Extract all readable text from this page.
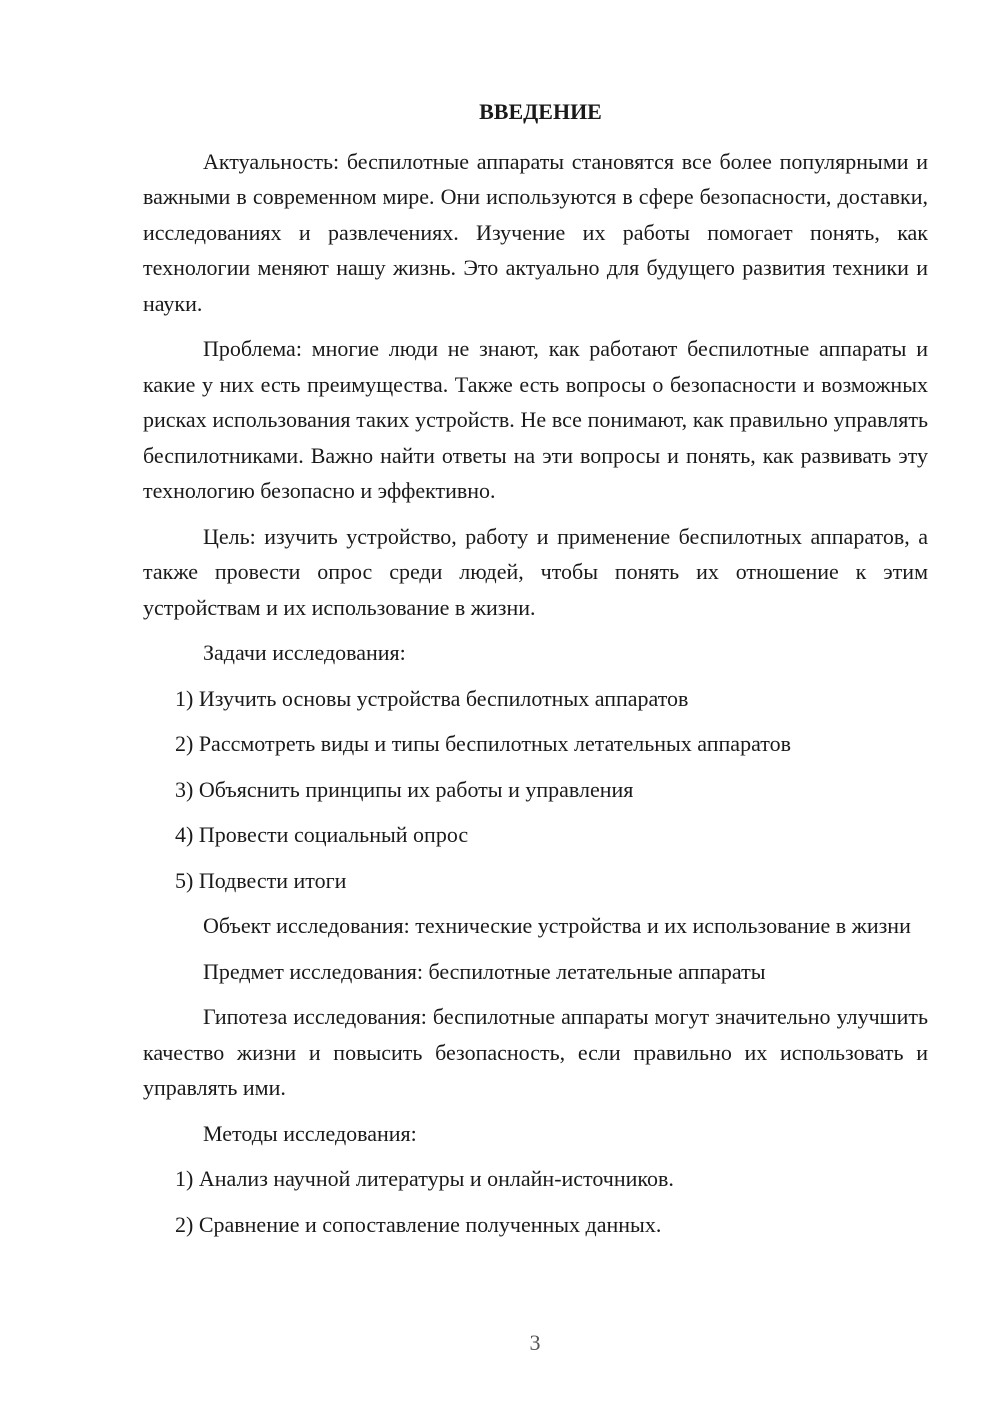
ВВЕДЕНИЕ

Актуальность: беспилотные аппараты становятся все более популярными и важными в современном мире. Они используются в сфере безопасности, доставки, исследованиях и развлечениях. Изучение их работы помогает понять, как технологии меняют нашу жизнь. Это актуально для будущего развития техники и науки.

Проблема: многие люди не знают, как работают беспилотные аппараты и какие у них есть преимущества. Также есть вопросы о безопасности и возможных рисках использования таких устройств. Не все понимают, как правильно управлять беспилотниками. Важно найти ответы на эти вопросы и понять, как развивать эту технологию безопасно и эффективно.

Цель: изучить устройство, работу и применение беспилотных аппаратов, а также провести опрос среди людей, чтобы понять их отношение к этим устройствам и их использование в жизни.

Задачи исследования:

1) Изучить основы устройства беспилотных аппаратов
2) Рассмотреть виды и типы беспилотных летательных аппаратов
3) Объяснить принципы их работы и управления
4) Провести социальный опрос
5) Подвести итоги

Объект исследования: технические устройства и их использование в жизни

Предмет исследования: беспилотные летательные аппараты

Гипотеза исследования: беспилотные аппараты могут значительно улучшить качество жизни и повысить безопасность, если правильно их использовать и управлять ими.

Методы исследования:

1) Анализ научной литературы и онлайн-источников.
2) Сравнение и сопоставление полученных данных.
3
